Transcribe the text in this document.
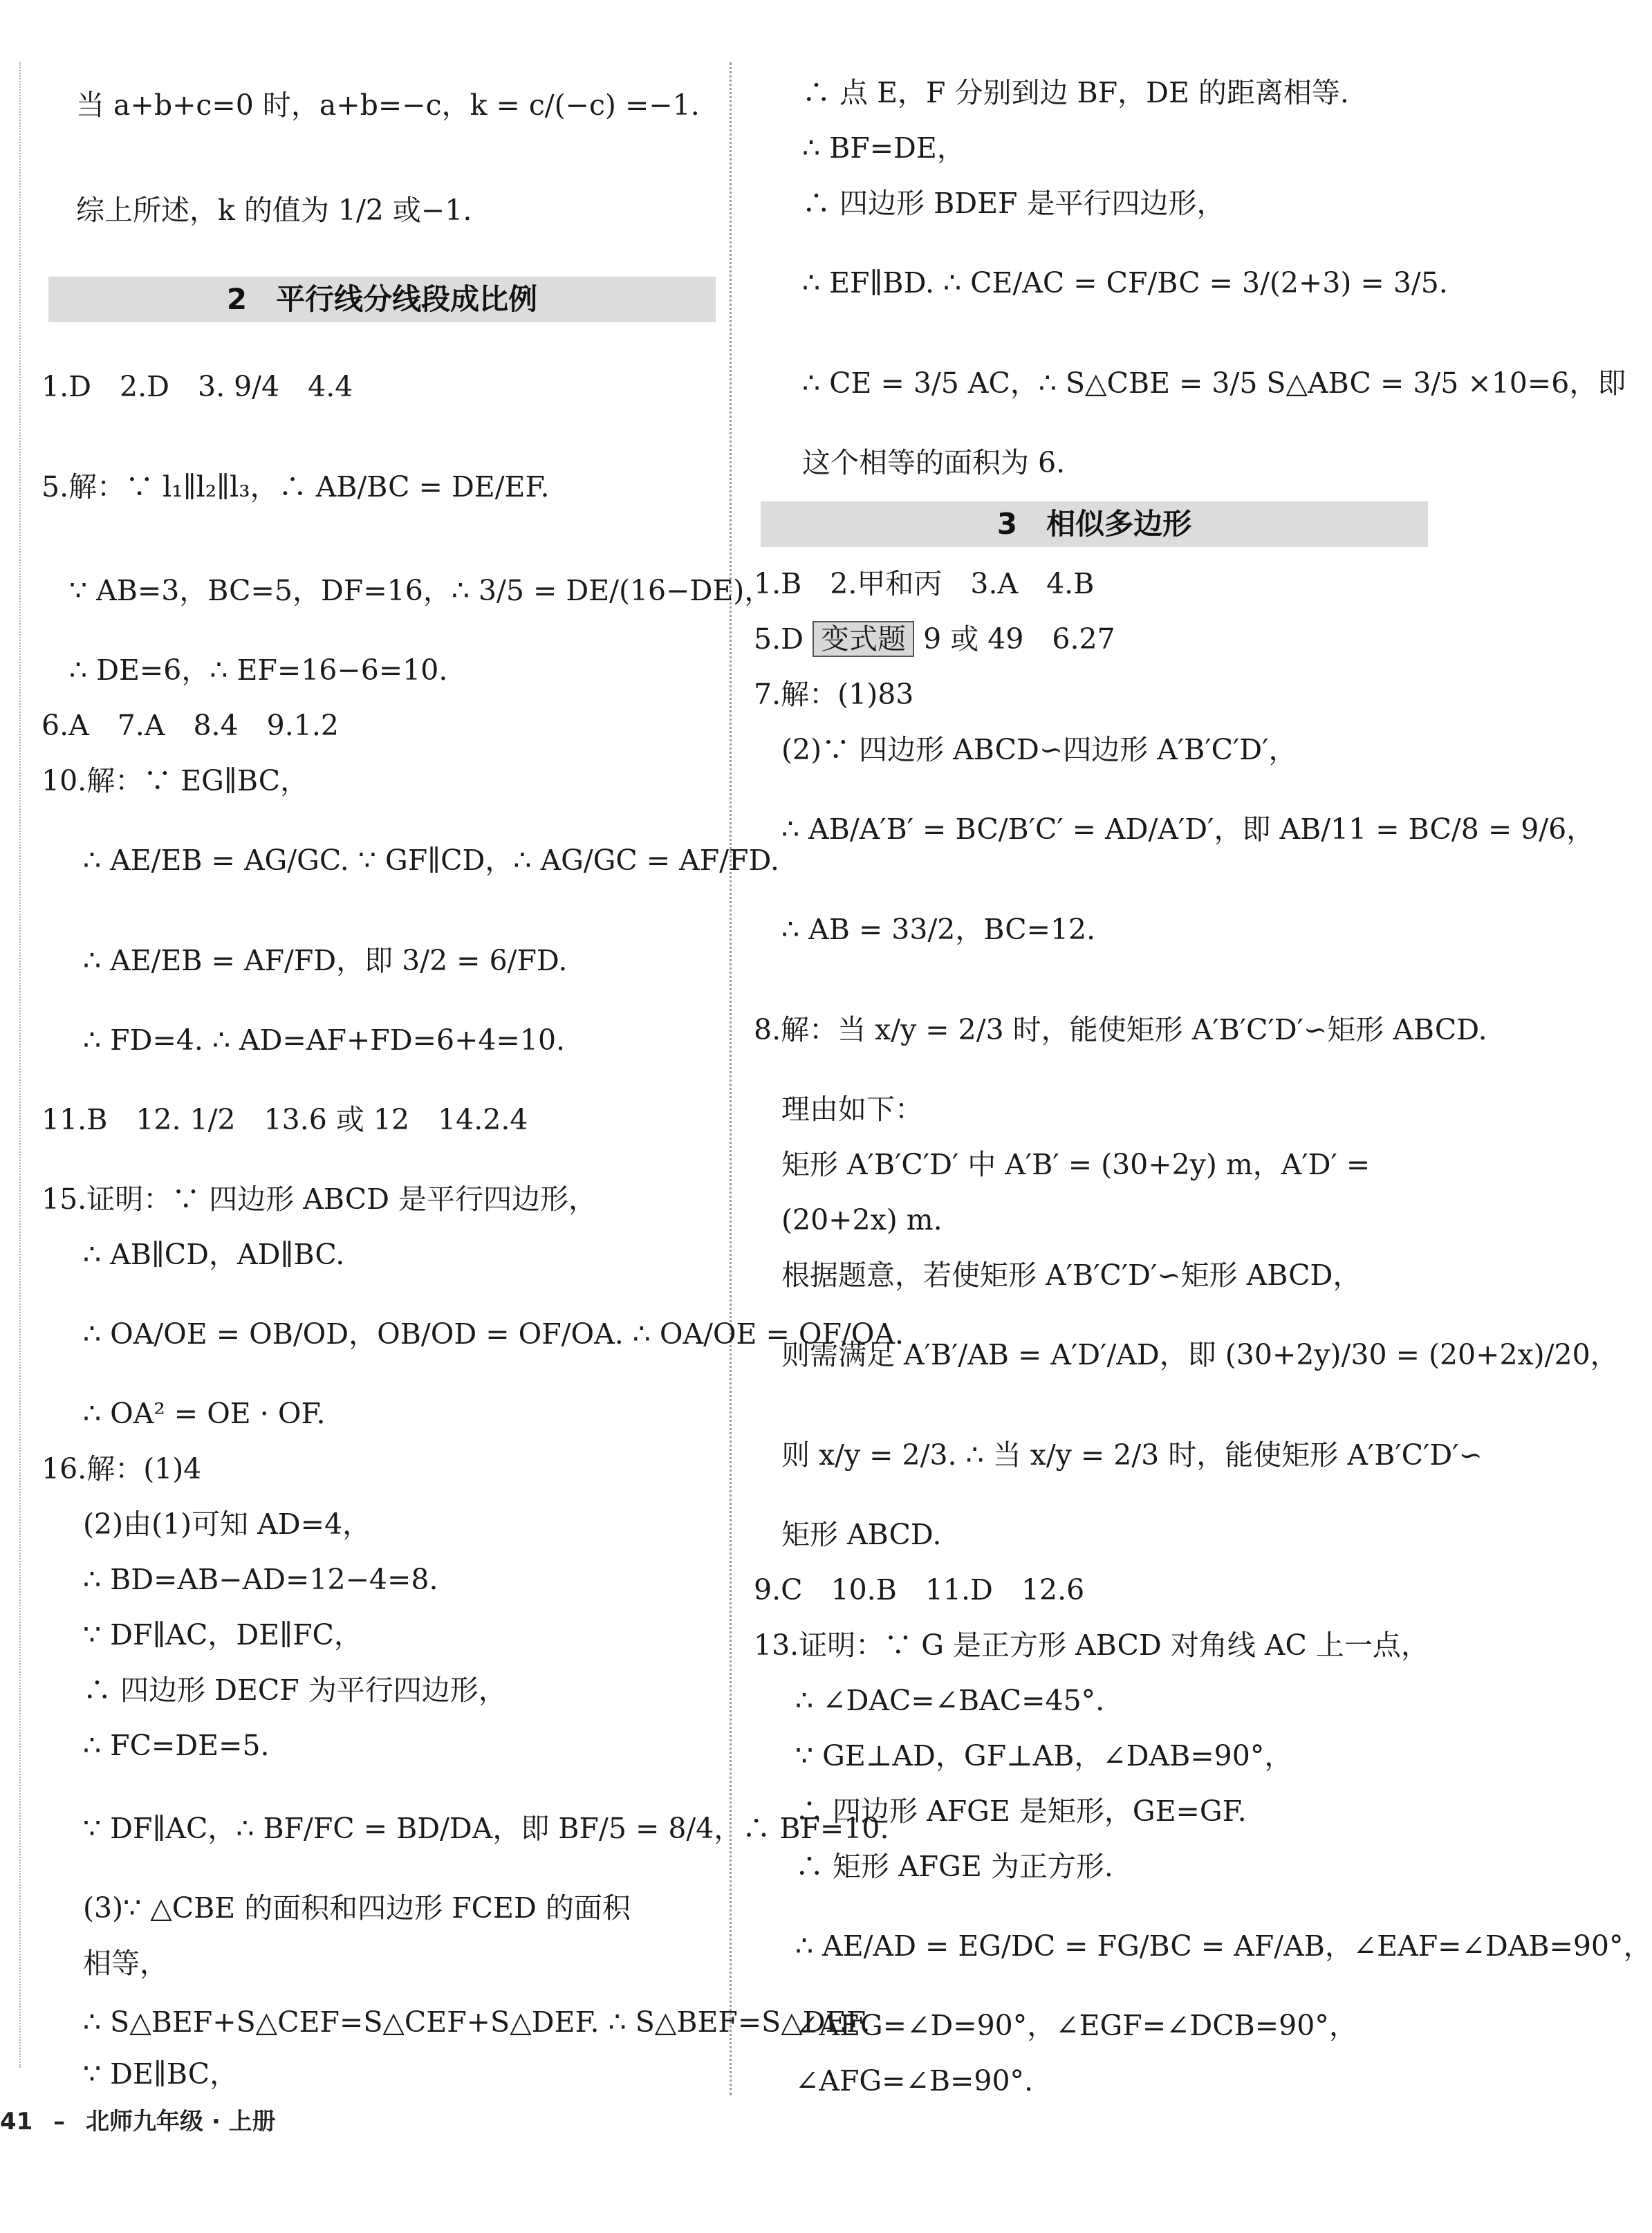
当 a+b+c=0 时，a+b=−c，k = c/(−c) =−1.
综上所述，k 的值为 1/2 或−1.
2　平行线分线段成比例
1.D　2.D　3. 9/4　4.4
5.解：∵ l₁∥l₂∥l₃，∴ AB/BC = DE/EF.
∵ AB=3，BC=5，DF=16，∴ 3/5 = DE/(16−DE)，
∴ DE=6，∴ EF=16−6=10.
6.A　7.A　8.4　9.1.2
10.解：∵ EG∥BC，
∴ AE/EB = AG/GC. ∵ GF∥CD，∴ AG/GC = AF/FD.
∴ AE/EB = AF/FD，即 3/2 = 6/FD.
∴ FD=4. ∴ AD=AF+FD=6+4=10.
11.B　12. 1/2　13.6 或 12　14.2.4
15.证明：∵ 四边形 ABCD 是平行四边形，
∴ AB∥CD，AD∥BC.
∴ OA/OE = OB/OD，OB/OD = OF/OA. ∴ OA/OE = OF/OA.
∴ OA² = OE · OF.
16.解：(1)4
(2)由(1)可知 AD=4，
∴ BD=AB−AD=12−4=8.
∵ DF∥AC，DE∥FC，
∴ 四边形 DECF 为平行四边形，
∴ FC=DE=5.
∵ DF∥AC，∴ BF/FC = BD/DA，即 BF/5 = 8/4，∴ BF=10.
(3)∵ △CBE 的面积和四边形 FCED 的面积
相等，
∴ S△BEF+S△CEF=S△CEF+S△DEF. ∴ S△BEF=S△DEF.
∵ DE∥BC，
∴ 点 E，F 分别到边 BF，DE 的距离相等.
∴ BF=DE，
∴ 四边形 BDEF 是平行四边形，
∴ EF∥BD. ∴ CE/AC = CF/BC = 3/(2+3) = 3/5.
∴ CE = 3/5 AC，∴ S△CBE = 3/5 S△ABC = 3/5 ×10=6，即
这个相等的面积为 6.
3　相似多边形
1.B　2.甲和丙　3.A　4.B
5.D 变式题 9 或 49　6.27
7.解：(1)83
(2)∵ 四边形 ABCD∽四边形 A′B′C′D′，
∴ AB/A′B′ = BC/B′C′ = AD/A′D′，即 AB/11 = BC/8 = 9/6，
∴ AB = 33/2，BC=12.
8.解：当 x/y = 2/3 时，能使矩形 A′B′C′D′∽矩形 ABCD.
理由如下：
矩形 A′B′C′D′ 中 A′B′ = (30+2y) m，A′D′ =
(20+2x) m.
根据题意，若使矩形 A′B′C′D′∽矩形 ABCD，
则需满足 A′B′/AB = A′D′/AD，即 (30+2y)/30 = (20+2x)/20，
则 x/y = 2/3. ∴ 当 x/y = 2/3 时，能使矩形 A′B′C′D′∽
矩形 ABCD.
9.C　10.B　11.D　12.6
13.证明：∵ G 是正方形 ABCD 对角线 AC 上一点，
∴ ∠DAC=∠BAC=45°.
∵ GE⊥AD，GF⊥AB，∠DAB=90°，
∴ 四边形 AFGE 是矩形，GE=GF.
∴ 矩形 AFGE 为正方形.
∴ AE/AD = EG/DC = FG/BC = AF/AB，∠EAF=∠DAB=90°，
∠AEG=∠D=90°，∠EGF=∠DCB=90°，
∠AFG=∠B=90°.
41 – 北师九年级 · 上册
